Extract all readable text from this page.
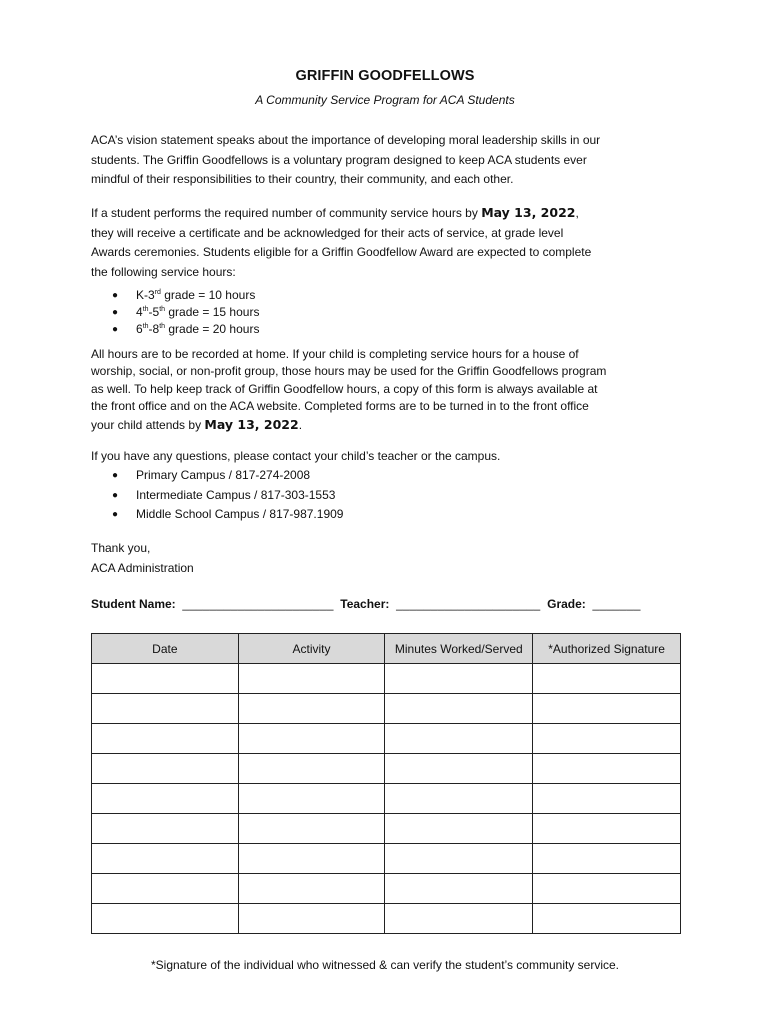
GRIFFIN GOODFELLOWS
A Community Service Program for ACA Students

ACA’s vision statement speaks about the importance of developing moral leadership skills in our
students. The Griffin Goodfellows is a voluntary program designed to keep ACA students ever
mindful of their responsibilities to their country, their community, and each other.

If a student performs the required number of community service hours by May 13, 2022,
they will receive a certificate and be acknowledged for their acts of service, at grade level
Awards ceremonies. Students eligible for a Griffin Goodfellow Award are expected to complete
the following service hours:

● K-3rd grade = 10 hours
● 4th-5th grade = 15 hours
● 6th-8th grade = 20 hours

All hours are to be recorded at home. If your child is completing service hours for a house of
worship, social, or non-profit group, those hours may be used for the Griffin Goodfellows program
as well. To help keep track of Griffin Goodfellow hours, a copy of this form is always available at
the front office and on the ACA website. Completed forms are to be turned in to the front office
your child attends by May 13, 2022.

If you have any questions, please contact your child’s teacher or the campus.

● Primary Campus / 817-274-2008
● Intermediate Campus / 817-303-1553
● Middle School Campus / 817-987.1909
Thank you,
ACA Administration
Student Name: ______________________ Teacher: _____________________ Grade: _______
Date	Activity	Minutes Worked/Served	*Authorized Signature

*Signature of the individual who witnessed & can verify the student’s community service.
